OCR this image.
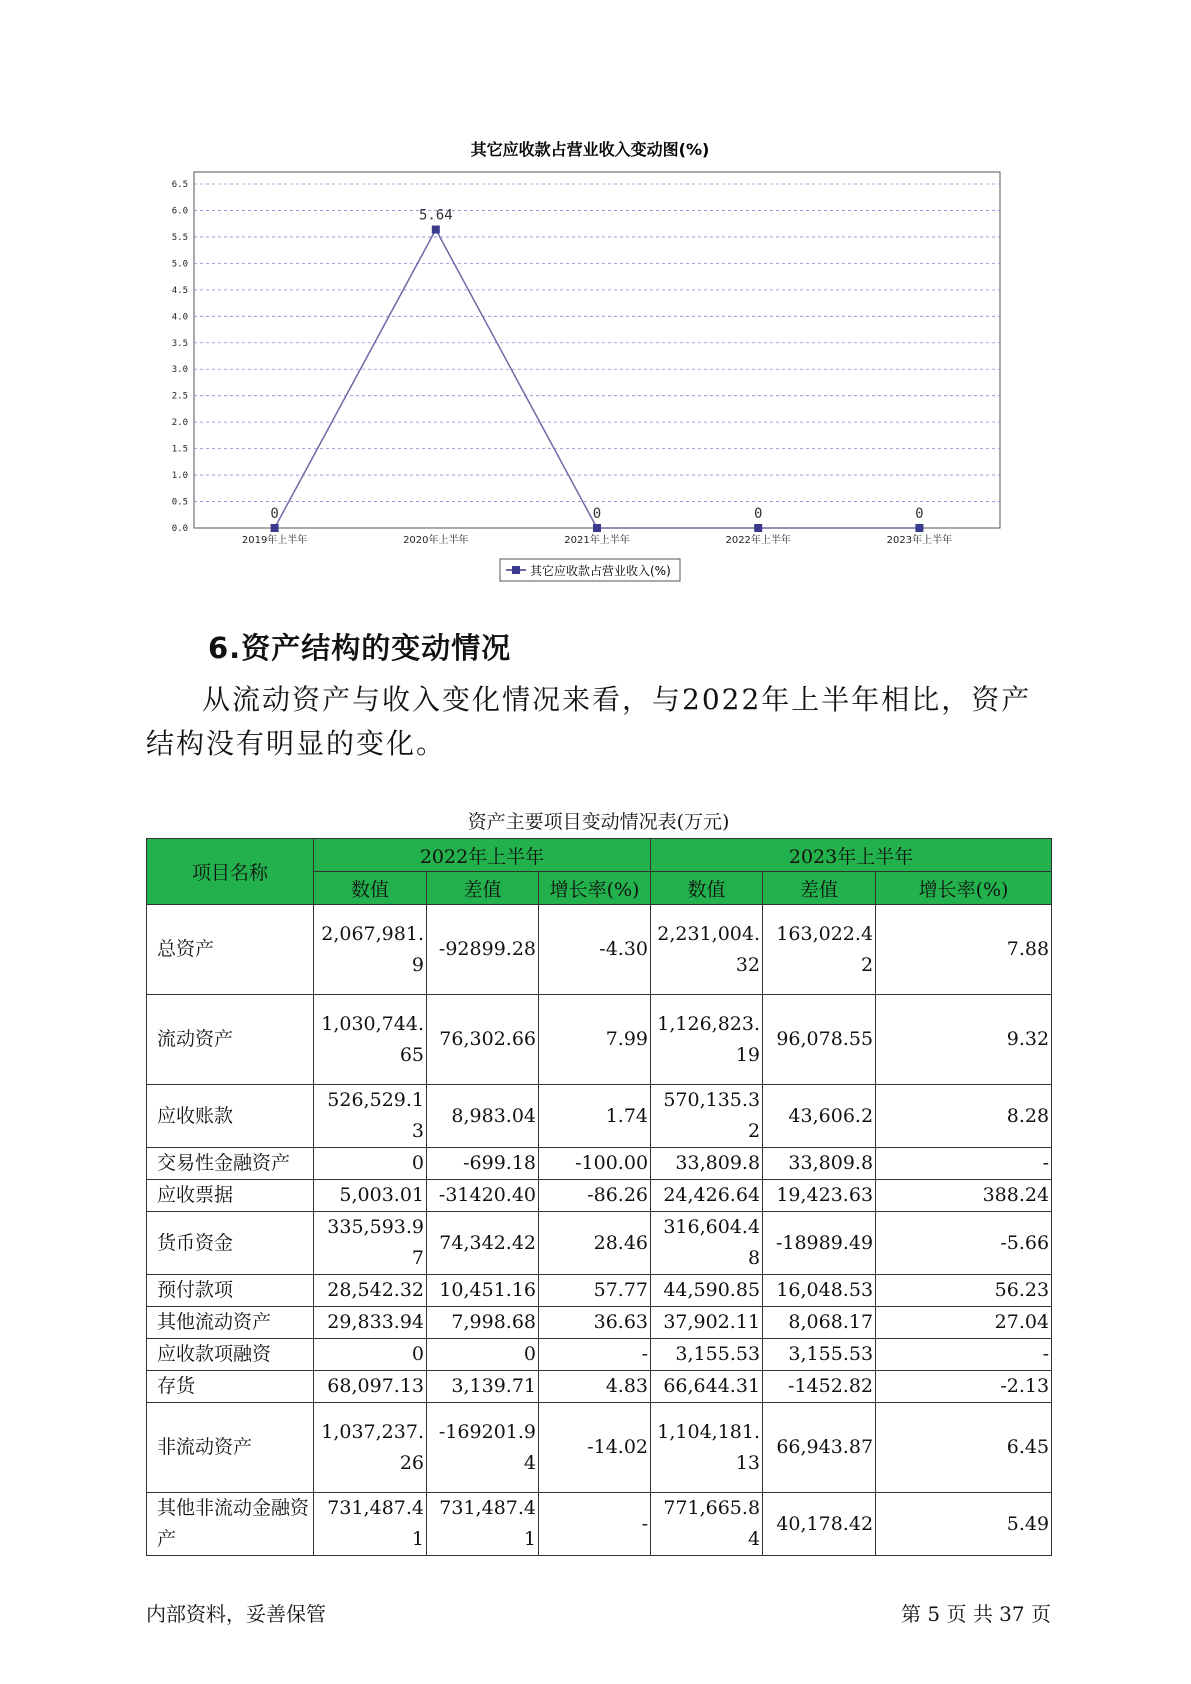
其它应收款占营业收入变动图(%)
0.0
0.5
1.0
1.5
2.0
2.5
3.0
3.5
4.0
4.5
5.0
5.5
6.0
6.5
2019年上半年	2020年上半年	2021年上半年	2022年上半年	2023年上半年
0
5.64
0	0	0
其它应收款占营业收入(%)
6.资产结构的变动情况

从流动资产与收入变化情况来看，与2022年上半年相比，资产结构没有明显的变化。

资产主要项目变动情况表(万元)
项目名称	2022年上半年			2023年上半年		
	数值	差值	增长率(%)	数值	差值	增长率(%)
总资产	2,067,981.9	-92899.28	-4.30	2,231,004.32	163,022.42	7.88
流动资产	1,030,744.65	76,302.66	7.99	1,126,823.19	96,078.55	9.32
应收账款	526,529.13	8,983.04	1.74	570,135.32	43,606.2	8.28
交易性金融资产	0	-699.18	-100.00	33,809.8	33,809.8	-
应收票据	5,003.01	-31420.40	-86.26	24,426.64	19,423.63	388.24
货币资金	335,593.97	74,342.42	28.46	316,604.48	-18989.49	-5.66
预付款项	28,542.32	10,451.16	57.77	44,590.85	16,048.53	56.23
其他流动资产	29,833.94	7,998.68	36.63	37,902.11	8,068.17	27.04
应收款项融资	0	0	-	3,155.53	3,155.53	-
存货	68,097.13	3,139.71	4.83	66,644.31	-1452.82	-2.13
非流动资产	1,037,237.26	-169201.94	-14.02	1,104,181.13	66,943.87	6.45
其他非流动金融资产	731,487.41	731,487.41	-	771,665.84	40,178.42	5.49
内部资料，妥善保管	第 5 页 共 37 页
